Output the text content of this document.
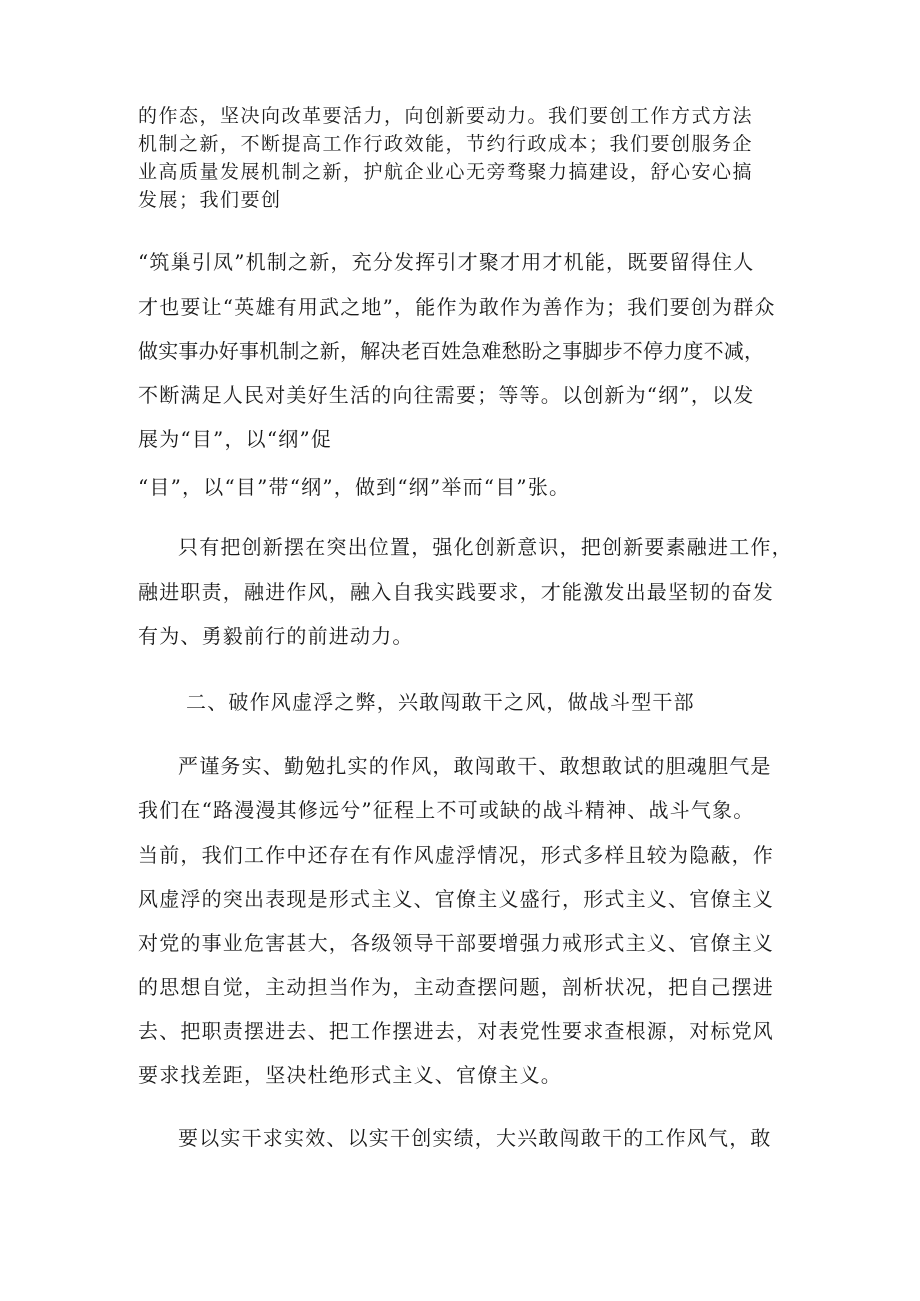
的作态，坚决向改革要活力，向创新要动力。我们要创工作方式方法
机制之新，不断提高工作行政效能，节约行政成本；我们要创服务企
业高质量发展机制之新，护航企业心无旁骛聚力搞建设，舒心安心搞
发展；我们要创
“筑巢引凤”机制之新，充分发挥引才聚才用才机能，既要留得住人
才也要让“英雄有用武之地”，能作为敢作为善作为；我们要创为群众
做实事办好事机制之新，解决老百姓急难愁盼之事脚步不停力度不减，
不断满足人民对美好生活的向往需要；等等。以创新为“纲”，以发
展为“目”，以“纲”促
“目”，以“目”带“纲”，做到“纲”举而“目”张。
只有把创新摆在突出位置，强化创新意识，把创新要素融进工作，
融进职责，融进作风，融入自我实践要求，才能激发出最坚韧的奋发
有为、勇毅前行的前进动力。
二、破作风虚浮之弊，兴敢闯敢干之风，做战斗型干部
严谨务实、勤勉扎实的作风，敢闯敢干、敢想敢试的胆魂胆气是
我们在“路漫漫其修远兮”征程上不可或缺的战斗精神、战斗气象。
当前，我们工作中还存在有作风虚浮情况，形式多样且较为隐蔽，作
风虚浮的突出表现是形式主义、官僚主义盛行，形式主义、官僚主义
对党的事业危害甚大，各级领导干部要增强力戒形式主义、官僚主义
的思想自觉，主动担当作为，主动查摆问题，剖析状况，把自己摆进
去、把职责摆进去、把工作摆进去，对表党性要求查根源，对标党风
要求找差距，坚决杜绝形式主义、官僚主义。
要以实干求实效、以实干创实绩，大兴敢闯敢干的工作风气，敢
